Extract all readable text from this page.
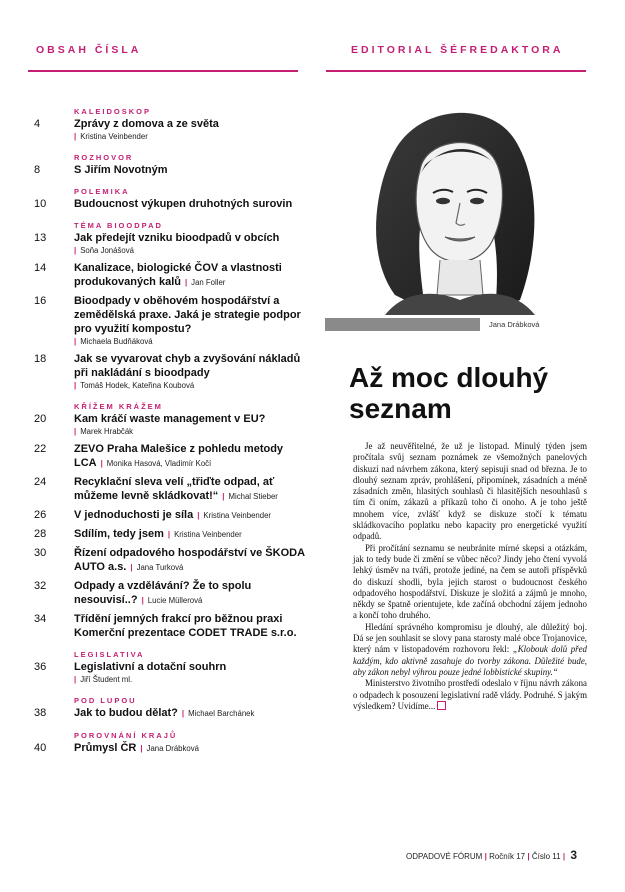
OBSAH ČÍSLA	EDITORIAL ŠÉFREDAKTORA
KALEIDOSKOP
4	Zprávy z domova a ze světa
| Kristina Veinbender
ROZHOVOR
8	S Jiřím Novotným
POLEMIKA
10	Budoucnost výkupen druhotných surovin
TÉMA BIOODPAD
13	Jak předejít vzniku bioodpadů v obcích
| Soňa Jonášová
14	Kanalizace, biologické ČOV a vlastnosti produkovaných kalů | Jan Foller
16	Bioodpady v oběhovém hospodářství a zemědělská praxe. Jaká je strategie podpor pro využití kompostu?
| Michaela Budňáková
18	Jak se vyvarovat chyb a zvyšování nákladů při nakládání s bioodpady
| Tomáš Hodek, Kateřina Koubová
KŘÍŽEM KRÁŽEM
20	Kam kráčí waste management v EU?
| Marek Hrabčák
22	ZEVO Praha Malešice z pohledu metody LCA | Monika Hasová, Vladimír Kočí
24	Recyklační sleva velí „třiďte odpad, ať můžeme levně skládkovat!“ | Michal Stieber
26	V jednoduchosti je síla | Kristina Veinbender
28	Sdílím, tedy jsem | Kristina Veinbender
30	Řízení odpadového hospodářství ve ŠKODA AUTO a.s. | Jana Turková
32	Odpady a vzdělávání? Že to spolu nesouvisí..? | Lucie Müllerová
34	Třídění jemných frakcí pro běžnou praxi Komerční prezentace CODET TRADE s.r.o.
LEGISLATIVA
36	Legislativní a dotační souhrn
| Jiří Študent ml.
POD LUPOU
38	Jak to budou dělat? | Michael Barchánek
POROVNÁNÍ KRAJŮ
40	Průmysl ČR | Jana Drábková
Jana Drábková
Až moc dlouhý seznam

Je až neuvěřitelné, že už je listopad. Minulý týden jsem pročítala svůj seznam poznámek ze všemožných panelových diskuzí nad návrhem zákona, který sepisuji snad od března. Je to dlouhý seznam zpráv, prohlášení, připomínek, zásadních a méně zásadních změn, hlasitých souhlasů či hlasitějších nesouhlasů s tím či oním, zákazů a příkazů toho či onoho. A je toho ještě mnohem více, zvlášť když se diskuze stočí k tématu skládkovacího poplatku nebo kapacity pro energetické využití odpadů.

Při pročítání seznamu se neubránite mírné skepsi a otázkám, jak to tedy bude či změní se vůbec něco? Jindy jeho čtení vyvolá lehký úsměv na tváři, protože jediné, na čem se autoři příspěvků do diskuzí shodli, byla jejich starost o budoucnost českého odpadového hospodářství. Diskuze je složitá a zájmů je mnoho, někdy se špatně orientujete, kde začíná obchodní zájem jednoho a končí toho druhého.

Hledání správného kompromisu je dlouhý, ale důležitý boj. Dá se jen souhlasit se slovy pana starosty malé obce Trojanovice, který nám v listopadovém rozhovoru řekl: „Klobouk dolů před každým, kdo aktivně zasahuje do tvorby zákona. Důležité bude, aby zákon nebyl výhrou pouze jedné lobbistické skupiny.“

Ministerstvo životního prostředí odeslalo v říjnu návrh zákona o odpadech k posouzení legislativní radě vlády. Podruhé. S jakým výsledkem? Uvidíme...

ODPADOVÉ FÓRUM | Ročník 17 | Číslo 11 | 3
